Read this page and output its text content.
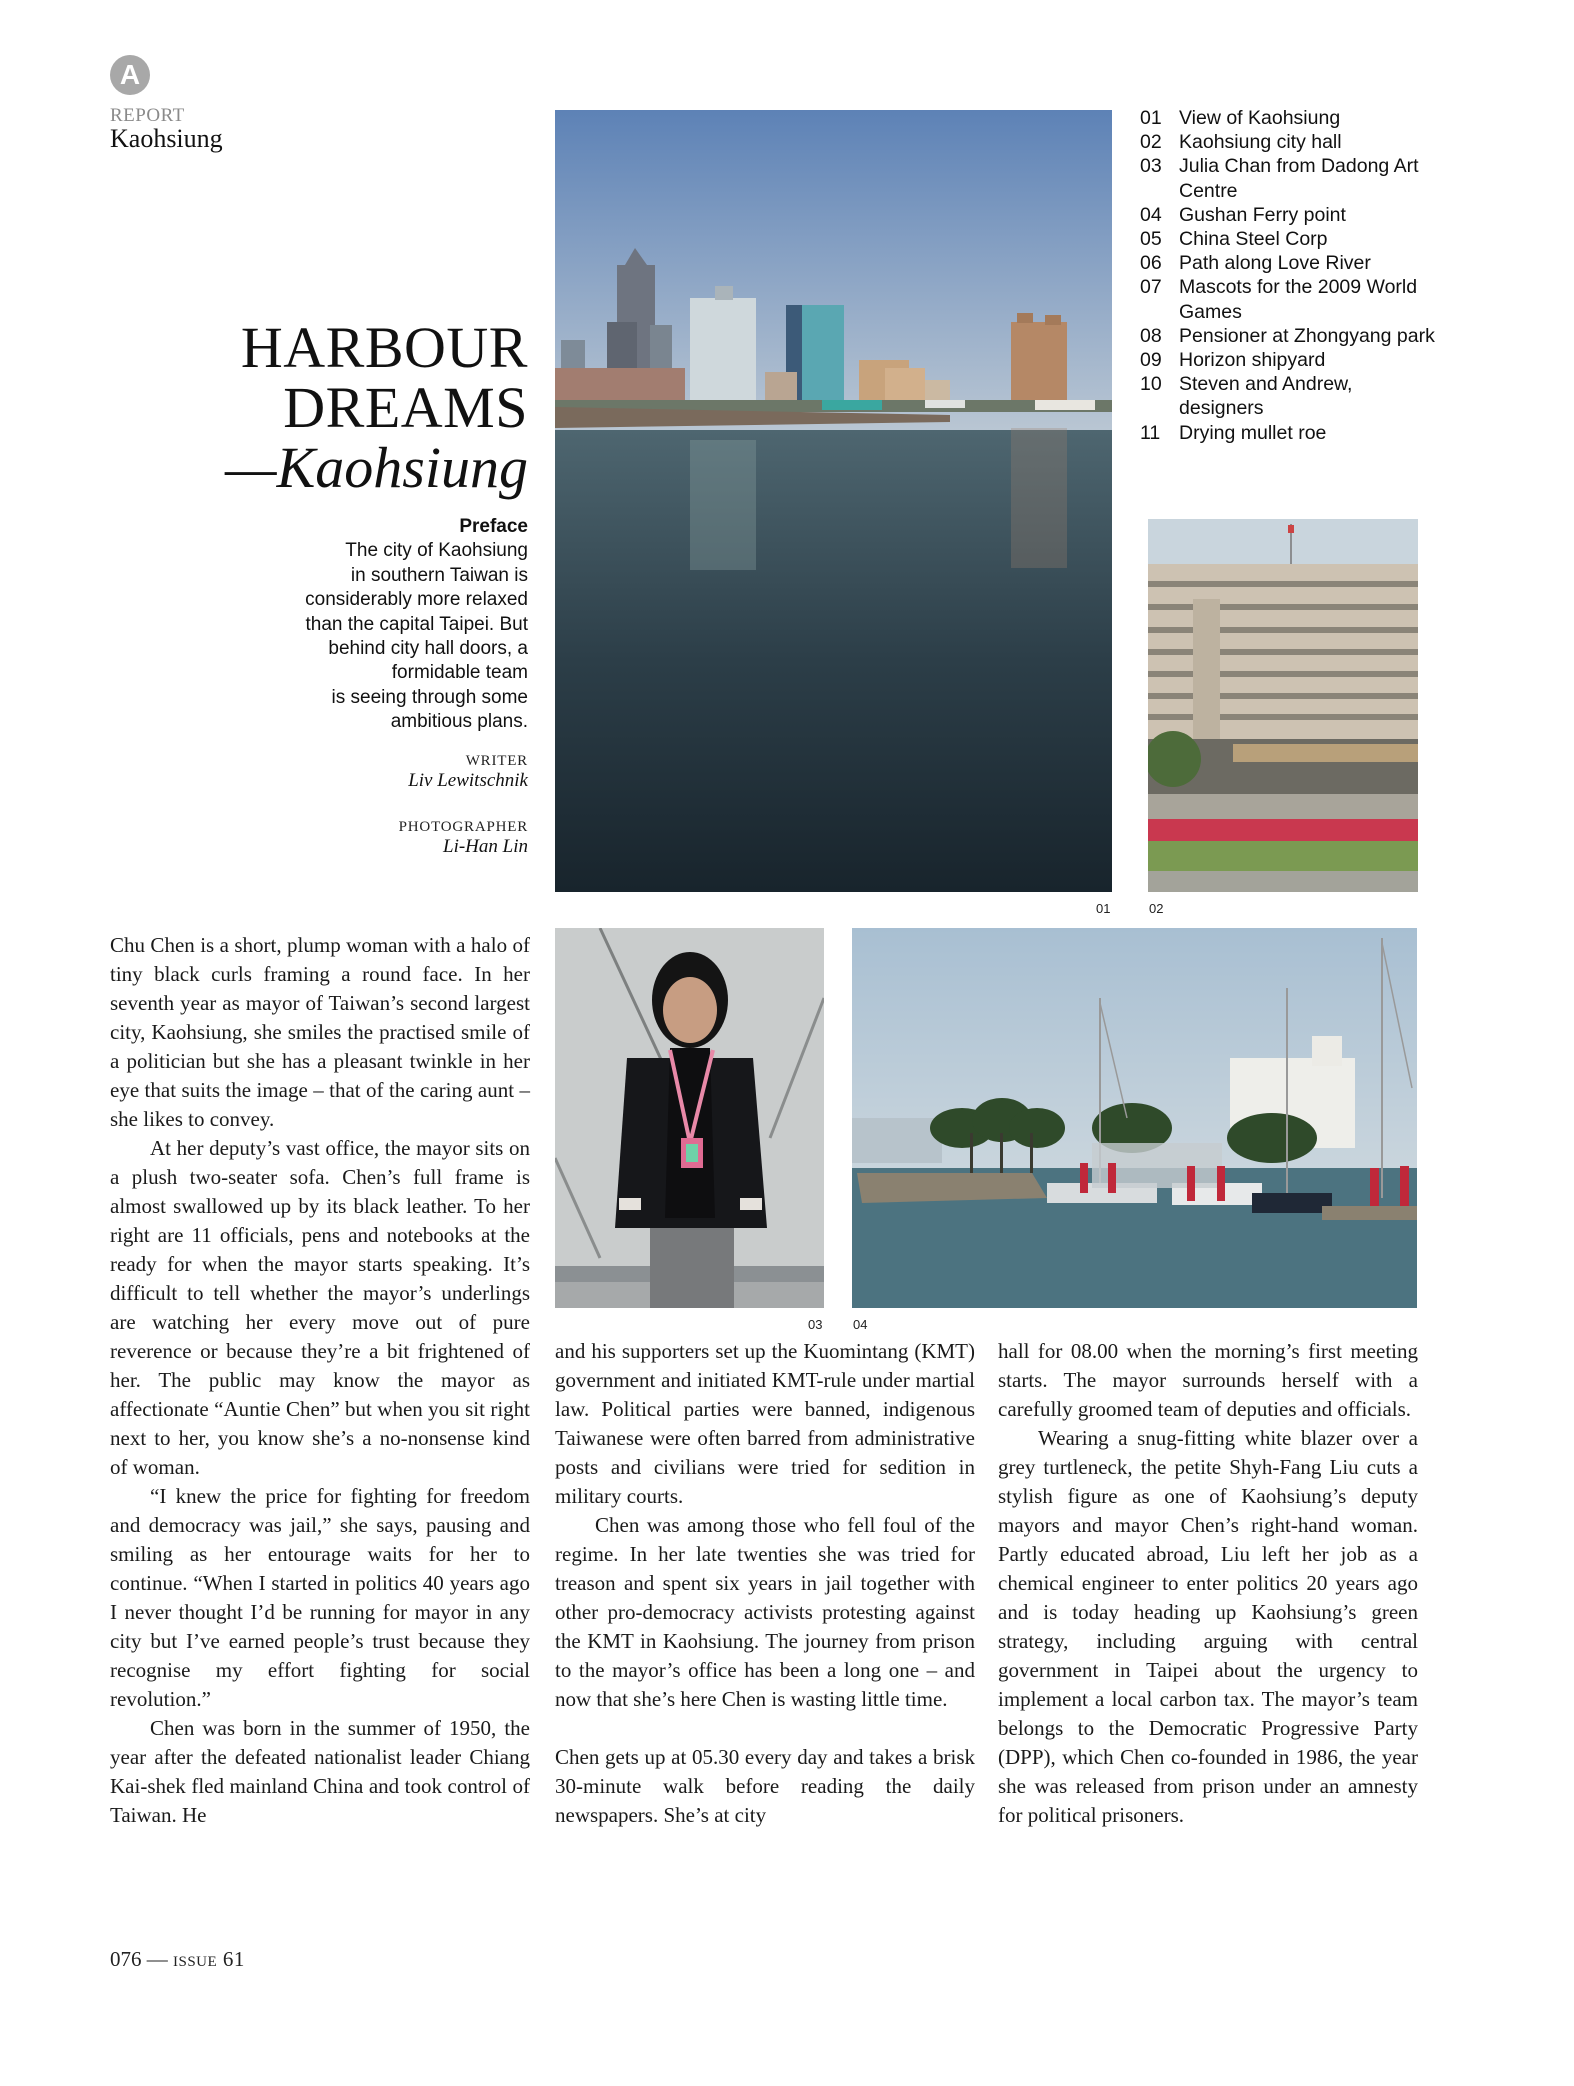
A
REPORT
Kaohsiung
HARBOUR
DREAMS
—Kaohsiung
Preface
The city of Kaohsiung
in southern Taiwan is
considerably more relaxed
than the capital Taipei. But
behind city hall doors, a
formidable team
is seeing through some
ambitious plans.
WRITER
Liv Lewitschnik
PHOTOGRAPHER
Li-Han Lin
01 View of Kaohsiung
02 Kaohsiung city hall
03 Julia Chan from Dadong Art Centre
04 Gushan Ferry point
05 China Steel Corp
06 Path along Love River
07 Mascots for the 2009 World Games
08 Pensioner at Zhongyang park
09 Horizon shipyard
10 Steven and Andrew, designers
11 Drying mullet roe
01	02
03 04

Chu Chen is a short, plump woman with a halo of tiny black curls framing a round face. In her seventh year as mayor of Taiwan’s second largest city, Kaohsiung, she smiles the practised smile of a politician but she has a pleasant twinkle in her eye that suits the image – that of the caring aunt – she likes to convey.

At her deputy’s vast office, the mayor sits on a plush two-seater sofa. Chen’s full frame is almost swallowed up by its black leather. To her right are 11 officials, pens and notebooks at the ready for when the mayor starts speaking. It’s difficult to tell whether the mayor’s underlings are watching her every move out of pure reverence or because they’re a bit frightened of her. The public may know the mayor as affectionate “Auntie Chen” but when you sit right next to her, you know she’s a no-nonsense kind of woman.

“I knew the price for fighting for freedom and democracy was jail,” she says, pausing and smiling as her entourage waits for her to continue. “When I started in politics 40 years ago I never thought I’d be running for mayor in any city but I’ve earned people’s trust because they recognise my effort fighting for social revolution.”

Chen was born in the summer of 1950, the year after the defeated nationalist leader Chiang Kai-shek fled mainland China and took control of Taiwan. He

and his supporters set up the Kuomintang (KMT) government and initiated KMT-rule under martial law. Political parties were banned, indigenous Taiwanese were often barred from administrative posts and civilians were tried for sedition in military courts.

Chen was among those who fell foul of the regime. In her late twenties she was tried for treason and spent six years in jail together with other pro-democracy activists protesting against the KMT in Kaohsiung. The journey from prison to the mayor’s office has been a long one – and now that she’s here Chen is wasting little time.

Chen gets up at 05.30 every day and takes a brisk 30-minute walk before reading the daily newspapers. She’s at city

hall for 08.00 when the morning’s first meeting starts. The mayor surrounds herself with a carefully groomed team of deputies and officials.

Wearing a snug-fitting white blazer over a grey turtleneck, the petite Shyh-Fang Liu cuts a stylish figure as one of Kaohsiung’s deputy mayors and mayor Chen’s right-hand woman. Partly educated abroad, Liu left her job as a chemical engineer to enter politics 20 years ago and is today heading up Kaohsiung’s green strategy, including arguing with central government in Taipei about the urgency to implement a local carbon tax. The mayor’s team belongs to the Democratic Progressive Party (DPP), which Chen co-founded in 1986, the year she was released from prison under an amnesty for political prisoners.

076 — issue 61
